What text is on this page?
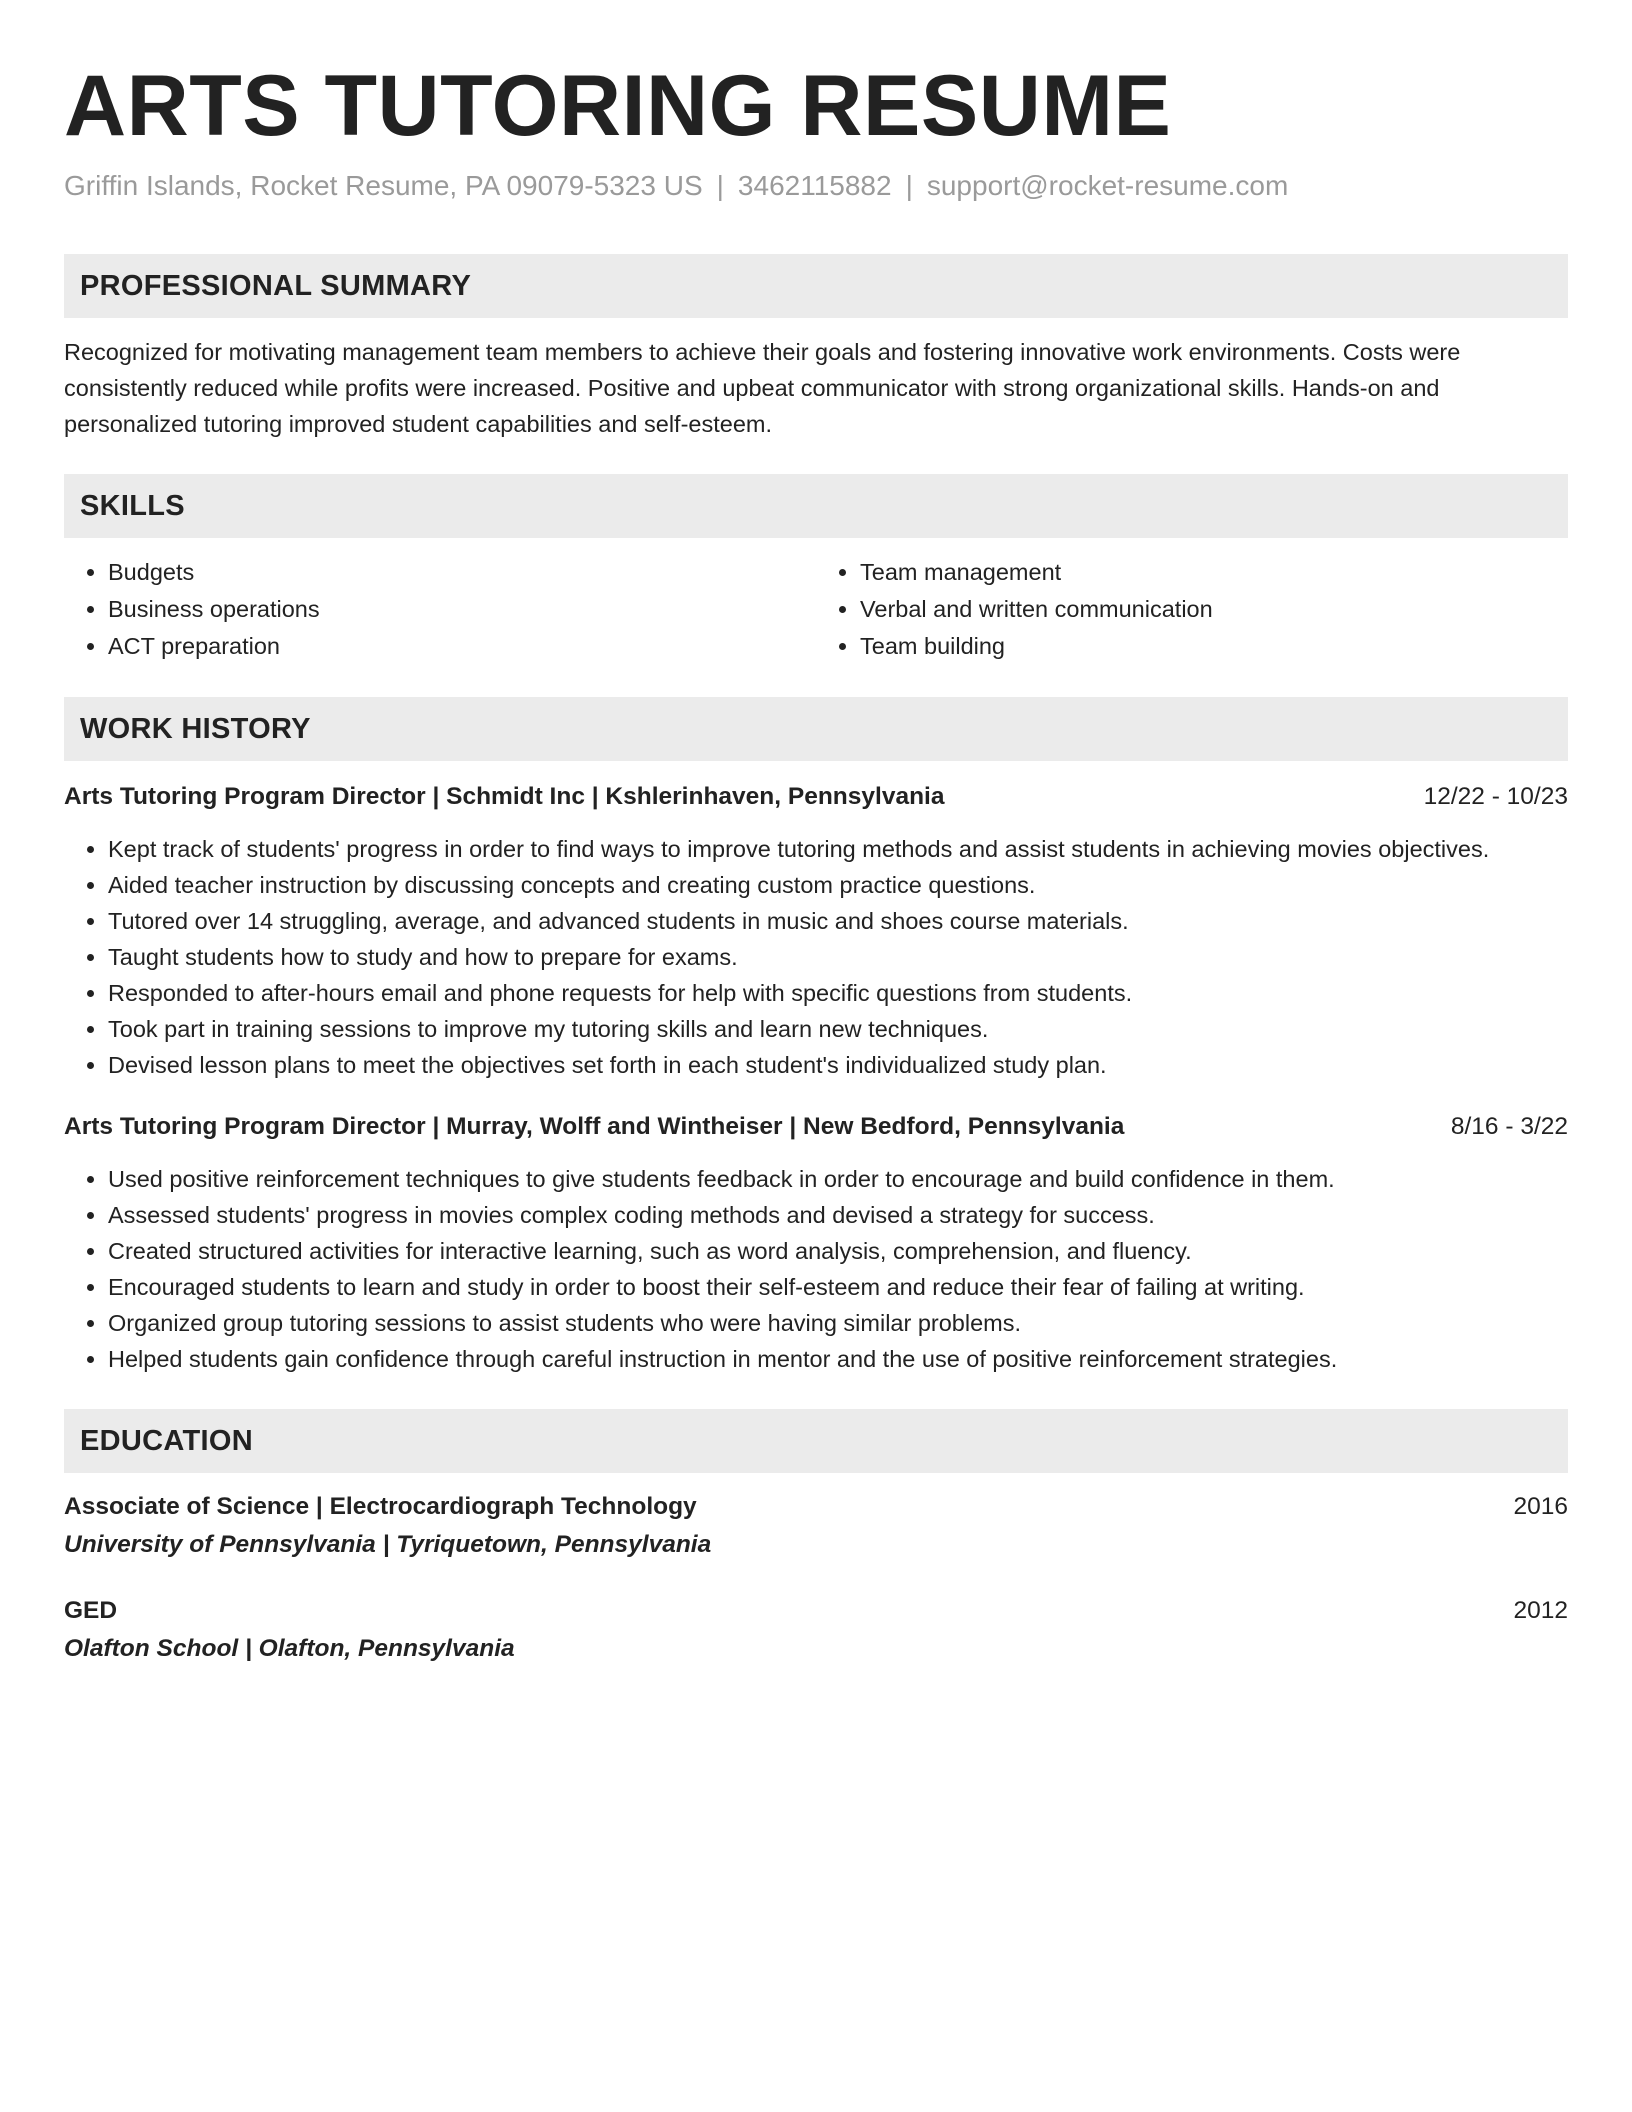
ARTS TUTORING RESUME
Griffin Islands, Rocket Resume, PA 09079-5323 US | 3462115882 | support@rocket-resume.com
PROFESSIONAL SUMMARY
Recognized for motivating management team members to achieve their goals and fostering innovative work environments. Costs were consistently reduced while profits were increased. Positive and upbeat communicator with strong organizational skills. Hands-on and personalized tutoring improved student capabilities and self-esteem.
SKILLS
• Budgets
• Business operations
• ACT preparation
• Team management
• Verbal and written communication
• Team building
WORK HISTORY
Arts Tutoring Program Director | Schmidt Inc | Kshlerinhaven, Pennsylvania	12/22 - 10/23
• Kept track of students' progress in order to find ways to improve tutoring methods and assist students in achieving movies objectives.
• Aided teacher instruction by discussing concepts and creating custom practice questions.
• Tutored over 14 struggling, average, and advanced students in music and shoes course materials.
• Taught students how to study and how to prepare for exams.
• Responded to after-hours email and phone requests for help with specific questions from students.
• Took part in training sessions to improve my tutoring skills and learn new techniques.
• Devised lesson plans to meet the objectives set forth in each student's individualized study plan.
Arts Tutoring Program Director | Murray, Wolff and Wintheiser | New Bedford, Pennsylvania	8/16 - 3/22
• Used positive reinforcement techniques to give students feedback in order to encourage and build confidence in them.
• Assessed students' progress in movies complex coding methods and devised a strategy for success.
• Created structured activities for interactive learning, such as word analysis, comprehension, and fluency.
• Encouraged students to learn and study in order to boost their self-esteem and reduce their fear of failing at writing.
• Organized group tutoring sessions to assist students who were having similar problems.
• Helped students gain confidence through careful instruction in mentor and the use of positive reinforcement strategies.
EDUCATION
Associate of Science | Electrocardiograph Technology	2016
University of Pennsylvania | Tyriquetown, Pennsylvania
GED	2012
Olafton School | Olafton, Pennsylvania
